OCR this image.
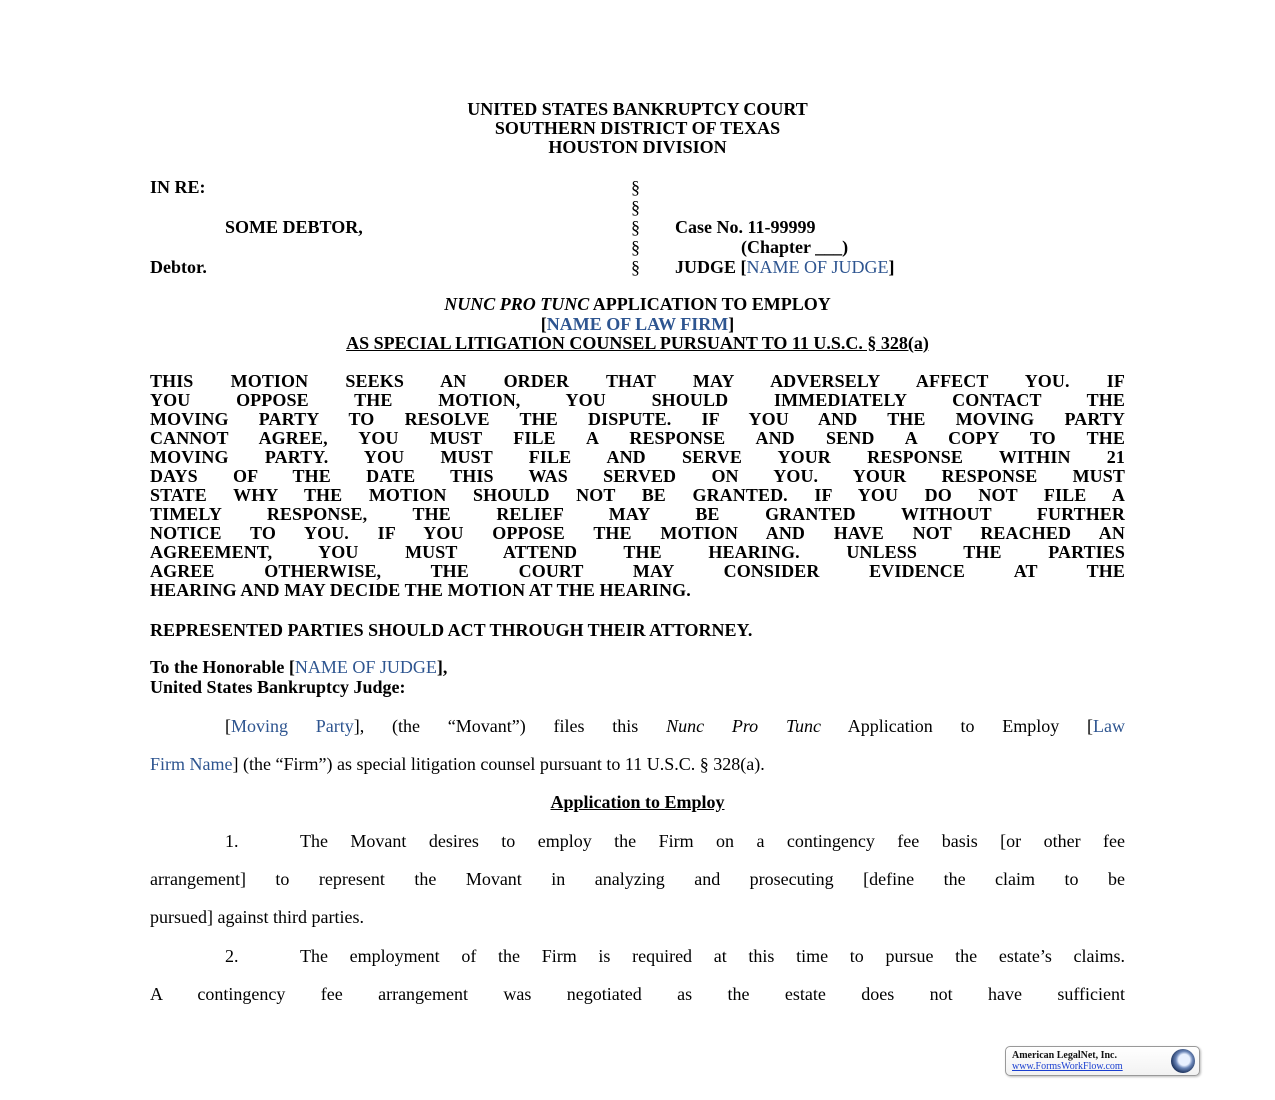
UNITED STATES BANKRUPTCY COURT
SOUTHERN DISTRICT OF TEXAS
HOUSTON DIVISION
IN RE:
SOME DEBTOR,
Debtor.
§
§
§
§
§
Case No. 11-99999
(Chapter ___)
JUDGE [NAME OF JUDGE]
NUNC PRO TUNC APPLICATION TO EMPLOY
[NAME OF LAW FIRM]
AS SPECIAL LITIGATION COUNSEL PURSUANT TO 11 U.S.C. § 328(a)
THIS MOTION SEEKS AN ORDER THAT MAY ADVERSELY AFFECT YOU. IF
YOU OPPOSE THE MOTION, YOU SHOULD IMMEDIATELY CONTACT THE
MOVING PARTY TO RESOLVE THE DISPUTE. IF YOU AND THE MOVING PARTY
CANNOT AGREE, YOU MUST FILE A RESPONSE AND SEND A COPY TO THE
MOVING PARTY. YOU MUST FILE AND SERVE YOUR RESPONSE WITHIN 21
DAYS OF THE DATE THIS WAS SERVED ON YOU. YOUR RESPONSE MUST
STATE WHY THE MOTION SHOULD NOT BE GRANTED. IF YOU DO NOT FILE A
TIMELY RESPONSE, THE RELIEF MAY BE GRANTED WITHOUT FURTHER
NOTICE TO YOU. IF YOU OPPOSE THE MOTION AND HAVE NOT REACHED AN
AGREEMENT, YOU MUST ATTEND THE HEARING. UNLESS THE PARTIES
AGREE OTHERWISE, THE COURT MAY CONSIDER EVIDENCE AT THE
HEARING AND MAY DECIDE THE MOTION AT THE HEARING.
REPRESENTED PARTIES SHOULD ACT THROUGH THEIR ATTORNEY.
To the Honorable [NAME OF JUDGE],
United States Bankruptcy Judge:
[Moving Party], (the “Movant”) files this Nunc Pro Tunc Application to Employ [Law
Firm Name] (the “Firm”) as special litigation counsel pursuant to 11 U.S.C. § 328(a).
Application to Employ
1.	The Movant desires to employ the Firm on a contingency fee basis [or other fee
arrangement] to represent the Movant in analyzing and prosecuting [define the claim to be
pursued] against third parties.
2.	The employment of the Firm is required at this time to pursue the estate’s claims.
A contingency fee arrangement was negotiated as the estate does not have sufficient
American LegalNet, Inc.
www.FormsWorkFlow.com
